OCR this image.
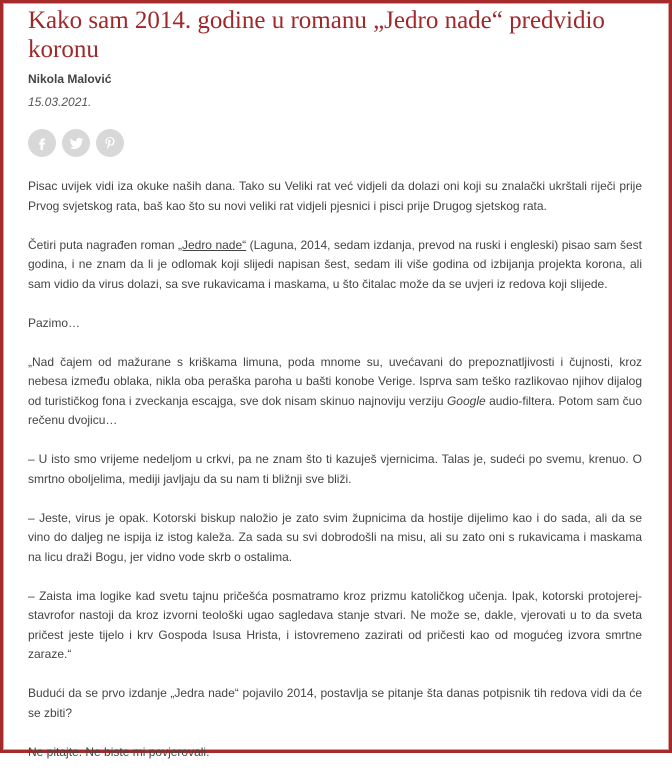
Kako sam 2014. godine u romanu „Jedro nade“ predvidio koronu
Nikola Malović
15.03.2021.

Pisac uvijek vidi iza okuke naših dana. Tako su Veliki rat već vidjeli da dolazi oni koji su znalački ukrštali riječi prije Prvog svjetskog rata, baš kao što su novi veliki rat vidjeli pjesnici i pisci prije Drugog sjetskog rata.

Četiri puta nagrađen roman „Jedro nade“ (Laguna, 2014, sedam izdanja, prevod na ruski i engleski) pisao sam šest godina, i ne znam da li je odlomak koji slijedi napisan šest, sedam ili više godina od izbijanja projekta korona, ali sam vidio da virus dolazi, sa sve rukavicama i maskama, u što čitalac može da se uvjeri iz redova koji slijede.

Pazimo…

„Nad čajem od mažurane s kriškama limuna, poda mnome su, uvećavani do prepoznatljivosti i čujnosti, kroz nebesa između oblaka, nikla oba peraška paroha u bašti konobe Verige. Isprva sam teško razlikovao njihov dijalog od turističkog fona i zveckanja escajga, sve dok nisam skinuo najnoviju verziju Google audio-filtera. Potom sam čuo rečenu dvojicu…

– U isto smo vrijeme nedeljom u crkvi, pa ne znam što ti kazuješ vjernicima. Talas je, sudeći po svemu, krenuo. O smrtno oboljelima, mediji javljaju da su nam ti bližnji sve bliži.

– Jeste, virus je opak. Kotorski biskup naložio je zato svim župnicima da hostije dijelimo kao i do sada, ali da se vino do daljeg ne ispija iz istog kaleža. Za sada su svi dobrodošli na misu, ali su zato oni s rukavicama i maskama na licu draži Bogu, jer vidno vode skrb o ostalima.

– Zaista ima logike kad svetu tajnu pričešća posmatramo kroz prizmu katoličkog učenja. Ipak, kotorski protojerej-stavrofor nastoji da kroz izvorni teološki ugao sagledava stanje stvari. Ne može se, dakle, vjerovati u to da sveta pričest jeste tijelo i krv Gospoda Isusa Hrista, i istovremeno zazirati od pričesti kao od mogućeg izvora smrtne zaraze.“

Budući da se prvo izdanje „Jedra nade“ pojavilo 2014, postavlja se pitanje šta danas potpisnik tih redova vidi da će se zbiti?

Ne pitajte. Ne biste mi povjerovali.
